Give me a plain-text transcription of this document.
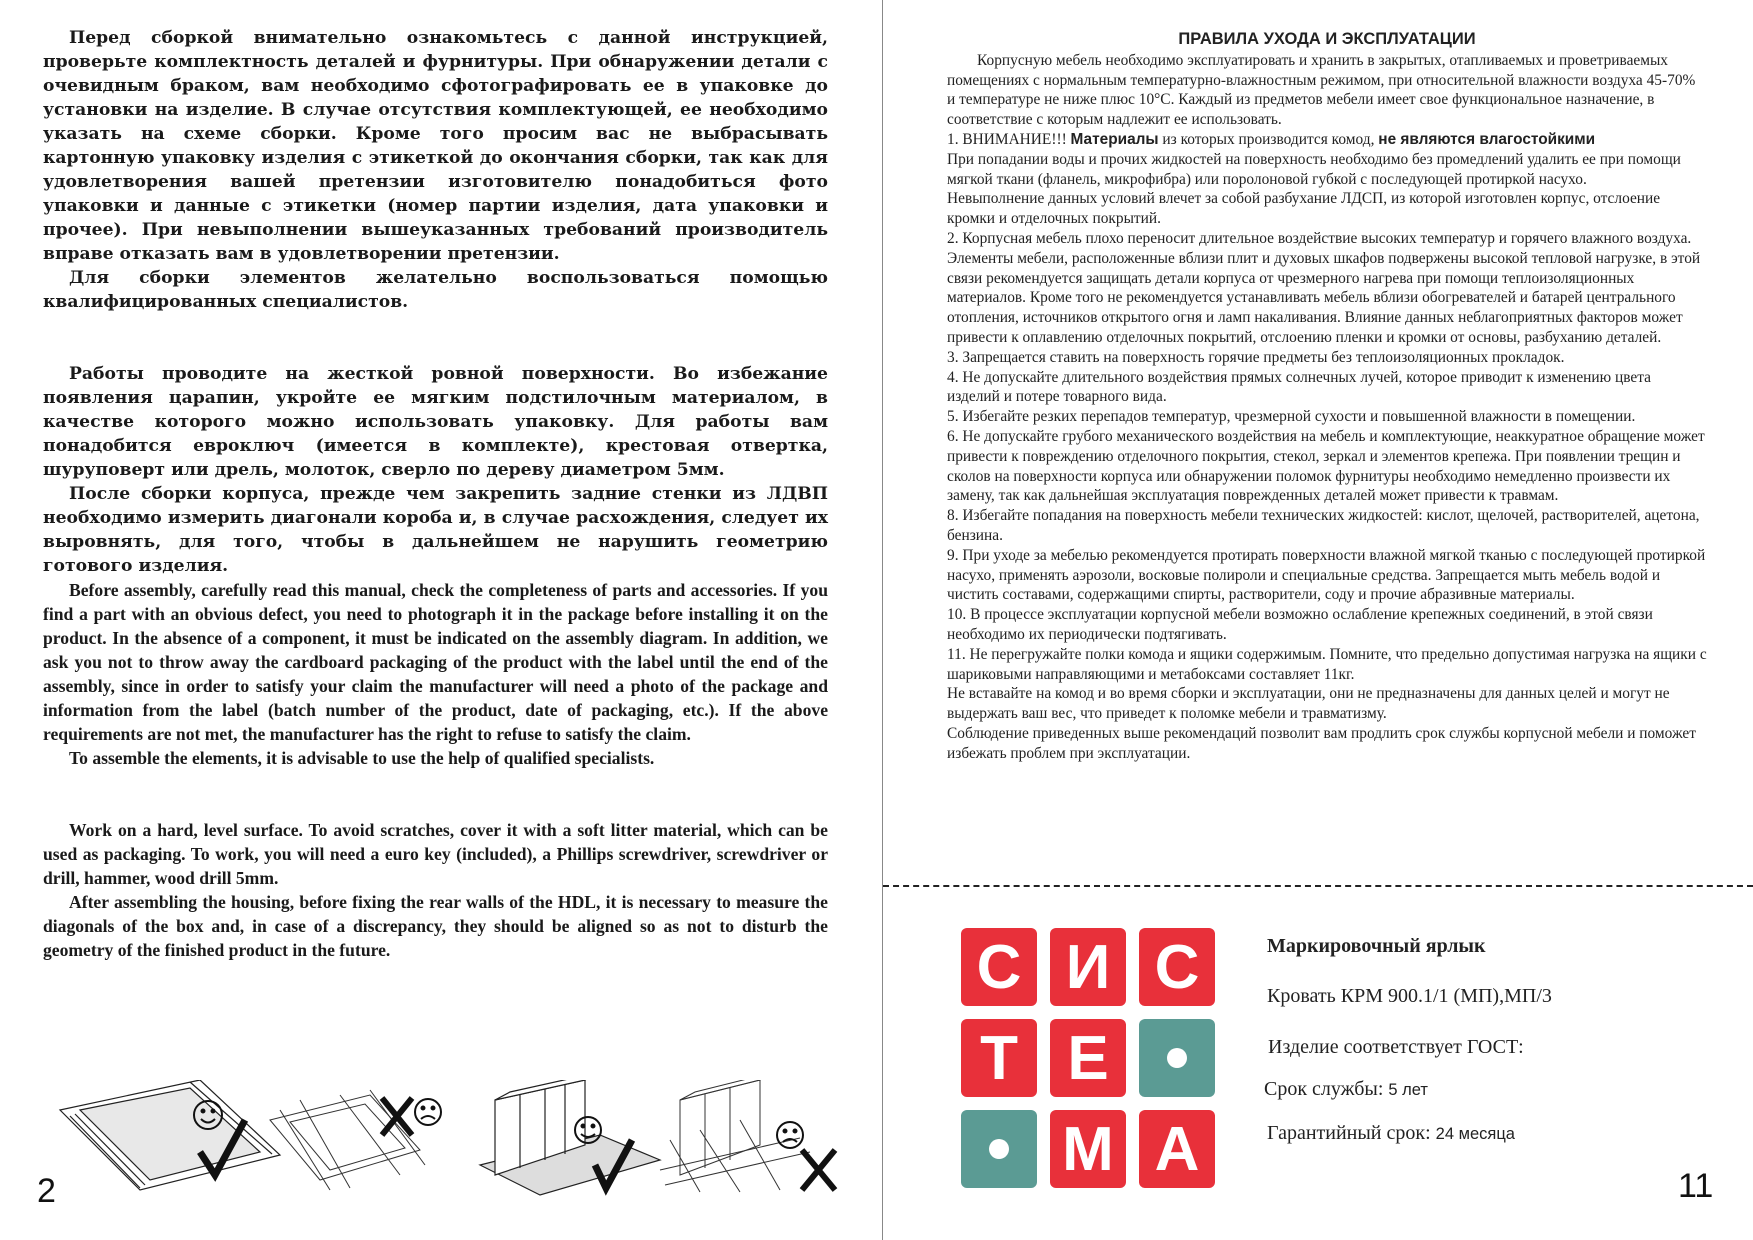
Перед сборкой внимательно ознакомьтесь с данной инструкцией, проверьте комплектность деталей и фурнитуры. При обнаружении детали с очевидным браком, вам необходимо сфотографировать ее в упаковке до установки на изделие. В случае отсутствия комплектующей, ее необходимо указать на схеме сборки. Кроме того просим вас не выбрасывать картонную упаковку изделия с этикеткой до окончания сборки, так как для удовлетворения вашей претензии изготовителю понадобиться фото упаковки и данные с этикетки (номер партии изделия, дата упаковки и прочее). При невыполнении вышеуказанных требований производитель вправе отказать вам в удовлетворении претензии.

Для сборки элементов желательно воспользоваться помощью квалифицированных специалистов.

Работы проводите на жесткой ровной поверхности. Во избежание появления царапин, укройте ее мягким подстилочным материалом, в качестве которого можно использовать упаковку. Для работы вам понадобится евроключ (имеется в комплекте), крестовая отвертка, шуруповерт или дрель, молоток, сверло по дереву диаметром 5мм.

После сборки корпуса, прежде чем закрепить задние стенки из ЛДВП необходимо измерить диагонали короба и, в случае расхождения, следует их выровнять, для того, чтобы в дальнейшем не нарушить геометрию готового изделия.

Before assembly, carefully read this manual, check the completeness of parts and accessories. If you find a part with an obvious defect, you need to photograph it in the package before installing it on the product. In the absence of a component, it must be indicated on the assembly diagram. In addition, we ask you not to throw away the cardboard packaging of the product with the label until the end of the assembly, since in order to satisfy your claim the manufacturer will need a photo of the package and information from the label (batch number of the product, date of packaging, etc.). If the above requirements are not met, the manufacturer has the right to refuse to satisfy the claim.

To assemble the elements, it is advisable to use the help of qualified specialists.

Work on a hard, level surface. To avoid scratches, cover it with a soft litter material, which can be used as packaging. To work, you will need a euro key (included), a Phillips screwdriver, screwdriver or drill, hammer, wood drill 5mm.

After assembling the housing, before fixing the rear walls of the HDL, it is necessary to measure the diagonals of the box and, in case of a discrepancy, they should be aligned so as not to disturb the geometry of the finished product in the future.

2
ПРАВИЛА УХОДА И ЭКСПЛУАТАЦИИ

Корпусную мебель необходимо эксплуатировать и хранить в закрытых, отапливаемых и проветриваемых помещениях с нормальным температурно-влажностным режимом, при относительной влажности воздуха 45-70% и температуре не ниже плюс 10°С. Каждый из предметов мебели имеет свое функциональное назначение, в соответствие с которым надлежит ее использовать.

1. ВНИМАНИЕ!!! Материалы из которых производится комод, не являются влагостойкими

При попадании воды и прочих жидкостей на поверхность необходимо без промедлений удалить ее при помощи мягкой ткани (фланель, микрофибра) или поролоновой губкой с последующей протиркой насухо.

Невыполнение данных условий влечет за собой разбухание ЛДСП, из которой изготовлен корпус, отслоение кромки и отделочных покрытий.

2. Корпусная мебель плохо переносит длительное воздействие высоких температур и горячего влажного воздуха. Элементы мебели, расположенные вблизи плит и духовых шкафов подвержены высокой тепловой нагрузке, в этой связи рекомендуется защищать детали корпуса от чрезмерного нагрева при помощи теплоизоляционных материалов. Кроме того не рекомендуется устанавливать мебель вблизи обогревателей и батарей центрального отопления, источников открытого огня и ламп накаливания. Влияние данных неблагоприятных факторов может привести к оплавлению отделочных покрытий, отслоению пленки и кромки от основы, разбуханию деталей.

3. Запрещается ставить на поверхность горячие предметы без теплоизоляционных прокладок.

4. Не допускайте длительного воздействия прямых солнечных лучей, которое приводит к изменению цвета изделий и потере товарного вида.

5. Избегайте резких перепадов температур, чрезмерной сухости и повышенной влажности в помещении.

6. Не допускайте грубого механического воздействия на мебель и комплектующие, неаккуратное обращение может привести к повреждению отделочного покрытия, стекол, зеркал и элементов крепежа. При появлении трещин и сколов на поверхности корпуса или обнаружении поломок фурнитуры необходимо немедленно произвести их замену, так как дальнейшая эксплуатация поврежденных деталей может привести к травмам.

8. Избегайте попадания на поверхность мебели технических жидкостей: кислот, щелочей, растворителей, ацетона, бензина.

9. При уходе за мебелью рекомендуется протирать поверхности влажной мягкой тканью с последующей протиркой насухо, применять аэрозоли, восковые полироли и специальные средства. Запрещается мыть мебель водой и чистить составами, содержащими спирты, растворители, соду и прочие абразивные материалы.

10. В процессе эксплуатации корпусной мебели возможно ослабление крепежных соединений, в этой связи необходимо их периодически подтягивать.

11. Не перегружайте полки комода и ящики содержимым. Помните, что предельно допустимая нагрузка на ящики с шариковыми направляющими и метабоксами составляет 11кг.

Не вставайте на комод и во время сборки и эксплуатации, они не предназначены для данных целей и могут не выдержать ваш вес, что приведет к поломке мебели и травматизму.

Соблюдение приведенных выше рекомендаций позволит вам продлить срок службы корпусной мебели и поможет избежать проблем при эксплуатации.

С И С
Т Е
М А
Маркировочный ярлык
Кровать КРМ 900.1/1 (МП),МП/3
Изделие соответствует ГОСТ:
Срок службы: 5 лет
Гарантийный срок: 24 месяца
11
